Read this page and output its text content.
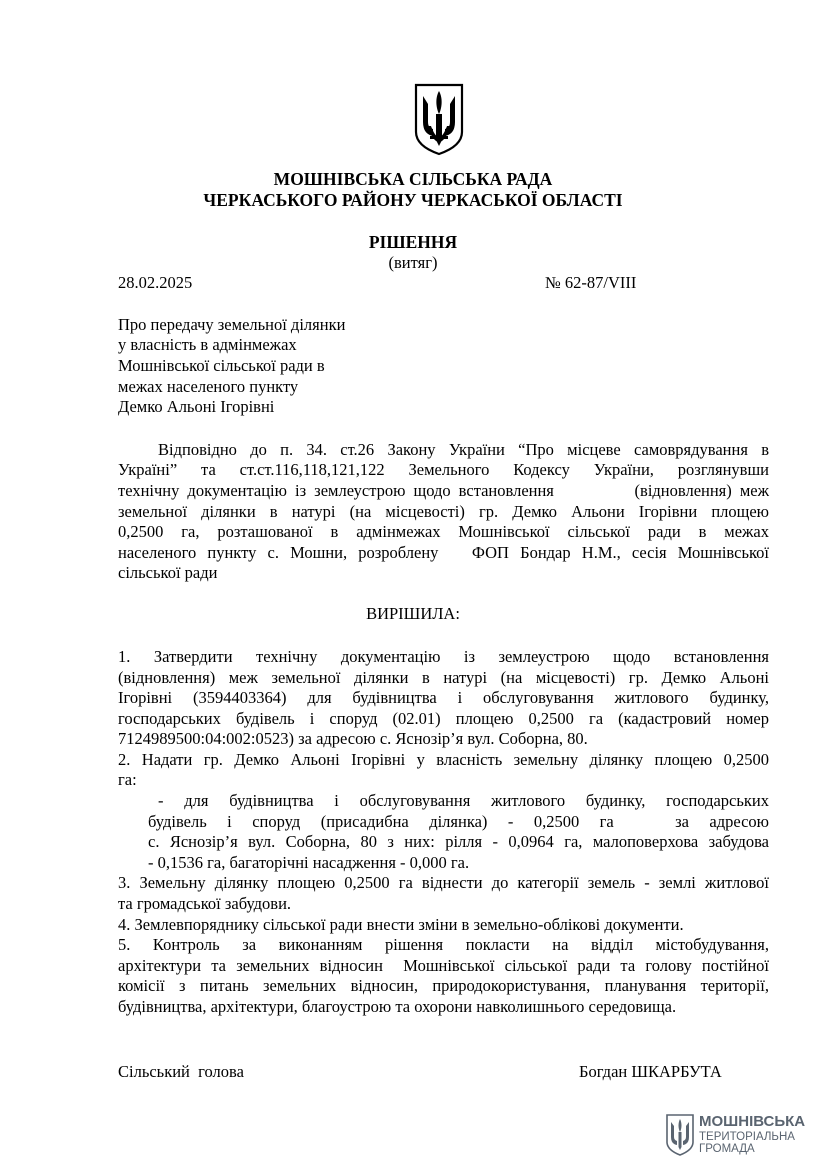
МОШНІВСЬКА СІЛЬСЬКА РАДА
ЧЕРКАСЬКОГО РАЙОНУ ЧЕРКАСЬКОЇ ОБЛАСТІ
РІШЕННЯ
(витяг)
28.02.2025	№ 62-87/VIII
Про передачу земельної ділянки
у власність в адмінмежах
Мошнівської сільської ради в
межах населеного пункту
Демко Альоні Ігорівні
Відповідно до п. 34. ст.26 Закону України “Про місцеве самоврядування в
Україні” та ст.ст.116,118,121,122 Земельного Кодексу України, розглянувши
технічну документацію із землеустрою щодо встановлення          (відновлення) меж
земельної ділянки в натурі (на місцевості) гр. Демко Альони Ігорівни площею
0,2500 га, розташованої в адмінмежах Мошнівської сільської ради в межах
населеного пункту с. Мошни, розроблену   ФОП Бондар Н.М., сесія Мошнівської
сільської ради
ВИРІШИЛА:
1. Затвердити технічну документацію із землеустрою щодо встановлення
(відновлення) меж земельної ділянки в натурі (на місцевості) гр. Демко Альоні
Ігорівні (3594403364) для будівництва і обслуговування житлового будинку,
господарських будівель і споруд (02.01) площею 0,2500 га (кадастровий номер
7124989500:04:002:0523) за адресою с. Яснозір’я вул. Соборна, 80.
2. Надати гр. Демко Альоні Ігорівні у власність земельну ділянку площею 0,2500
га:
- для будівництва і обслуговування житлового будинку, господарських
будівель і споруд (присадибна ділянка) - 0,2500 га   за адресою
с. Яснозір’я вул. Соборна, 80 з них: рілля - 0,0964 га, малоповерхова забудова
- 0,1536 га, багаторічні насадження - 0,000 га.
3. Земельну ділянку площею 0,2500 га віднести до категорії земель - землі житлової
та громадської забудови.
4. Землевпоряднику сільської ради внести зміни в земельно-облікові документи.
5. Контроль за виконанням рішення покласти на відділ містобудування,
архітектури та земельних відносин  Мошнівської сільської ради та голову постійної
комісії з питань земельних відносин, природокористування, планування території,
будівництва, архітектури, благоустрою та охорони навколишнього середовища.
Сільський  голова	Богдан ШКАРБУТА
МОШНІВСЬКА
ТЕРИТОРІАЛЬНА
ГРОМАДА
